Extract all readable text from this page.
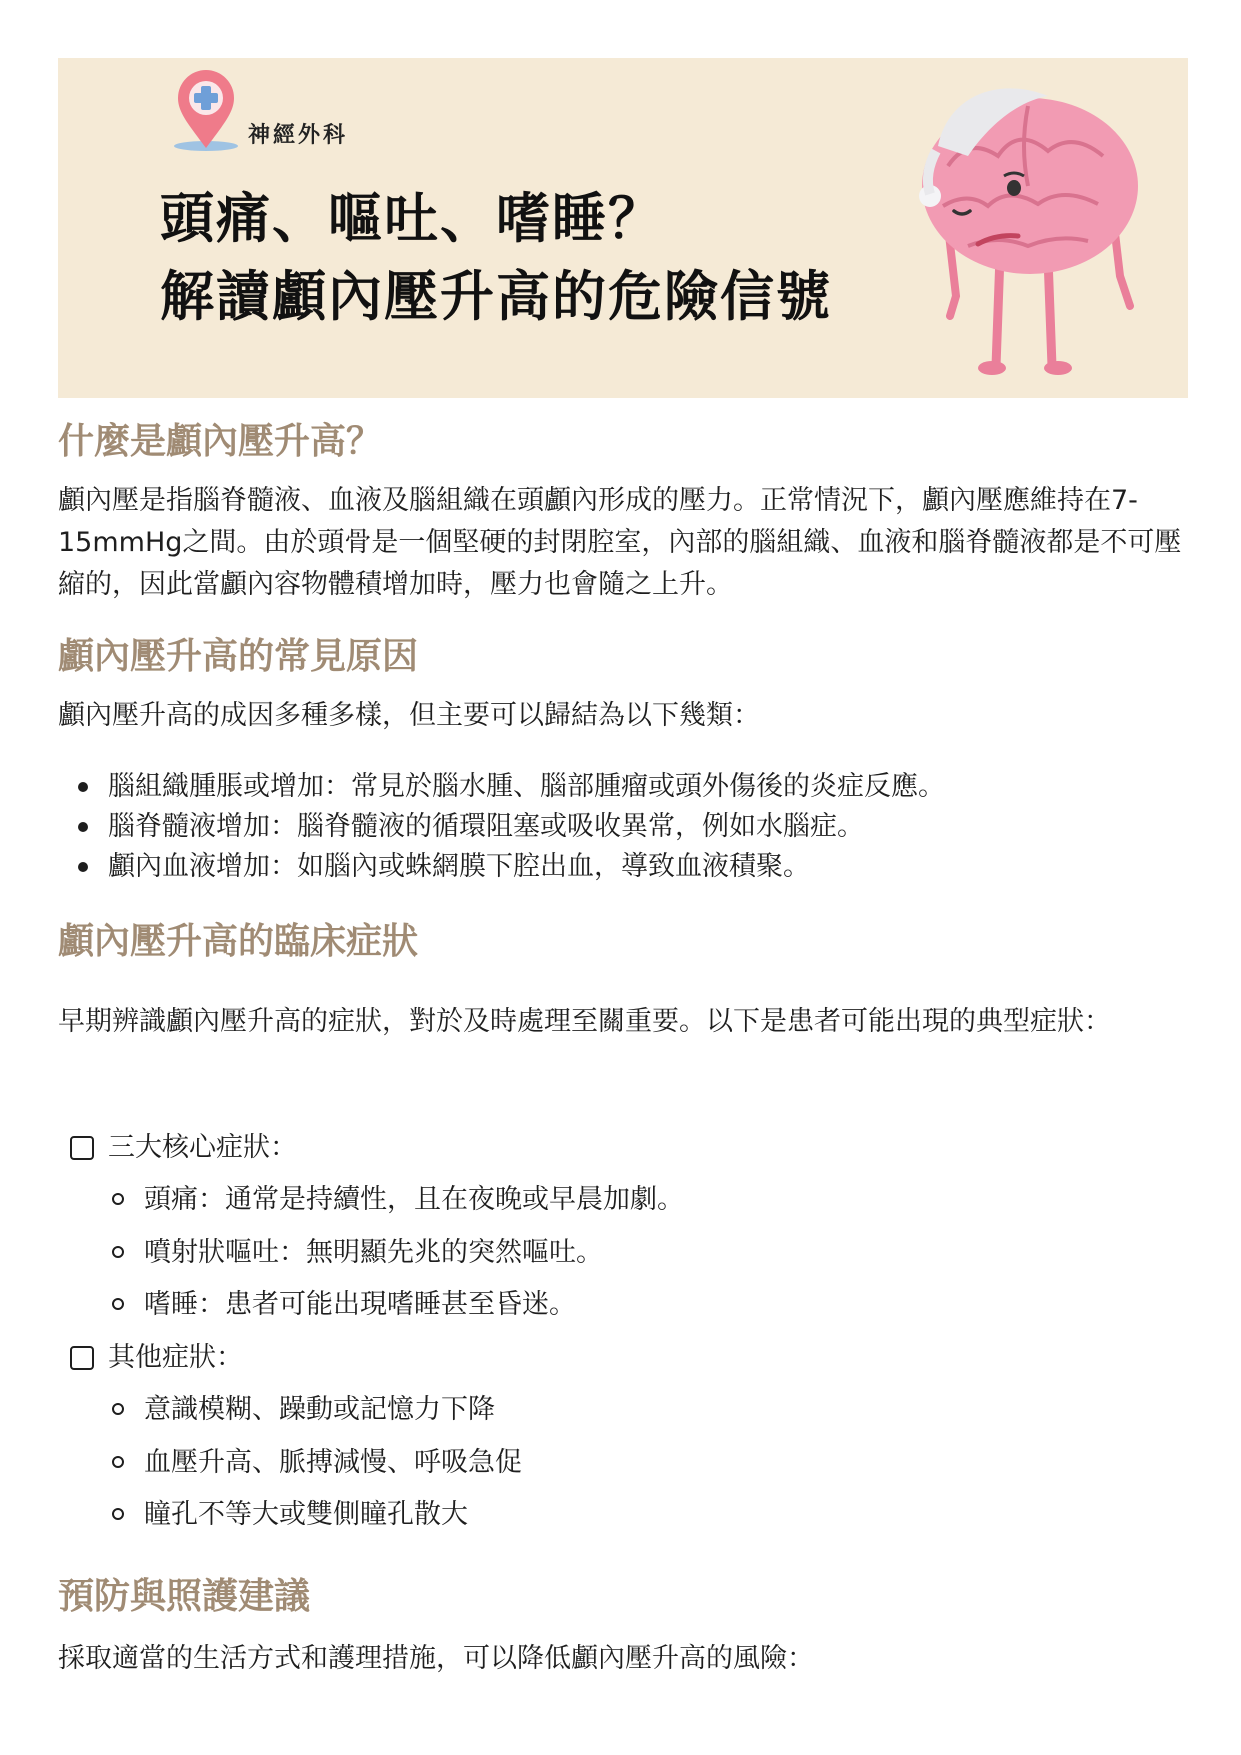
神經外科
頭痛、嘔吐、嗜睡？
解讀顱內壓升高的危險信號
什麼是顱內壓升高？
顱內壓是指腦脊髓液、血液及腦組織在頭顱內形成的壓力。正常情況下，顱內壓應維持在7-15mmHg之間。由於頭骨是一個堅硬的封閉腔室，內部的腦組織、血液和腦脊髓液都是不可壓縮的，因此當顱內容物體積增加時，壓力也會隨之上升。
顱內壓升高的常見原因
顱內壓升高的成因多種多樣，但主要可以歸結為以下幾類：
腦組織腫脹或增加：常見於腦水腫、腦部腫瘤或頭外傷後的炎症反應。
腦脊髓液增加：腦脊髓液的循環阻塞或吸收異常，例如水腦症。
顱內血液增加：如腦內或蛛網膜下腔出血，導致血液積聚。
顱內壓升高的臨床症狀
早期辨識顱內壓升高的症狀，對於及時處理至關重要。以下是患者可能出現的典型症狀：
三大核心症狀：
頭痛：通常是持續性，且在夜晚或早晨加劇。
噴射狀嘔吐：無明顯先兆的突然嘔吐。
嗜睡：患者可能出現嗜睡甚至昏迷。
其他症狀：
意識模糊、躁動或記憶力下降
血壓升高、脈搏減慢、呼吸急促
瞳孔不等大或雙側瞳孔散大
預防與照護建議
採取適當的生活方式和護理措施，可以降低顱內壓升高的風險：
